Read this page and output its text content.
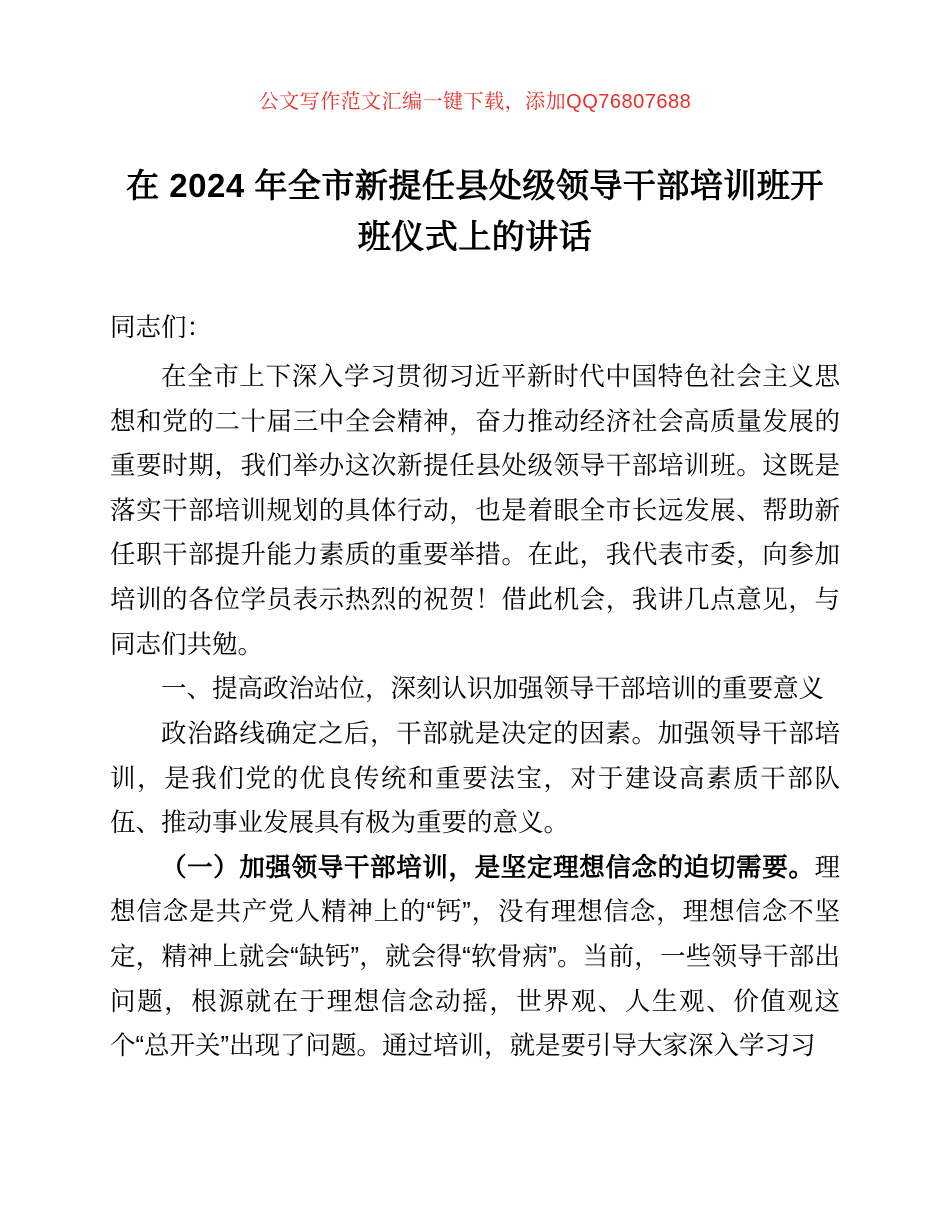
公文写作范文汇编一键下载，添加QQ76807688
在 2024 年全市新提任县处级领导干部培训班开班仪式上的讲话
同志们：

在全市上下深入学习贯彻习近平新时代中国特色社会主义思想和党的二十届三中全会精神，奋力推动经济社会高质量发展的重要时期，我们举办这次新提任县处级领导干部培训班。这既是落实干部培训规划的具体行动，也是着眼全市长远发展、帮助新任职干部提升能力素质的重要举措。在此，我代表市委，向参加培训的各位学员表示热烈的祝贺！借此机会，我讲几点意见，与同志们共勉。

一、提高政治站位，深刻认识加强领导干部培训的重要意义

政治路线确定之后，干部就是决定的因素。加强领导干部培训，是我们党的优良传统和重要法宝，对于建设高素质干部队伍、推动事业发展具有极为重要的意义。

（一）加强领导干部培训，是坚定理想信念的迫切需要。理想信念是共产党人精神上的“钙”，没有理想信念，理想信念不坚定，精神上就会“缺钙”，就会得“软骨病”。当前，一些领导干部出问题，根源就在于理想信念动摇，世界观、人生观、价值观这个“总开关”出现了问题。通过培训，就是要引导大家深入学习习
